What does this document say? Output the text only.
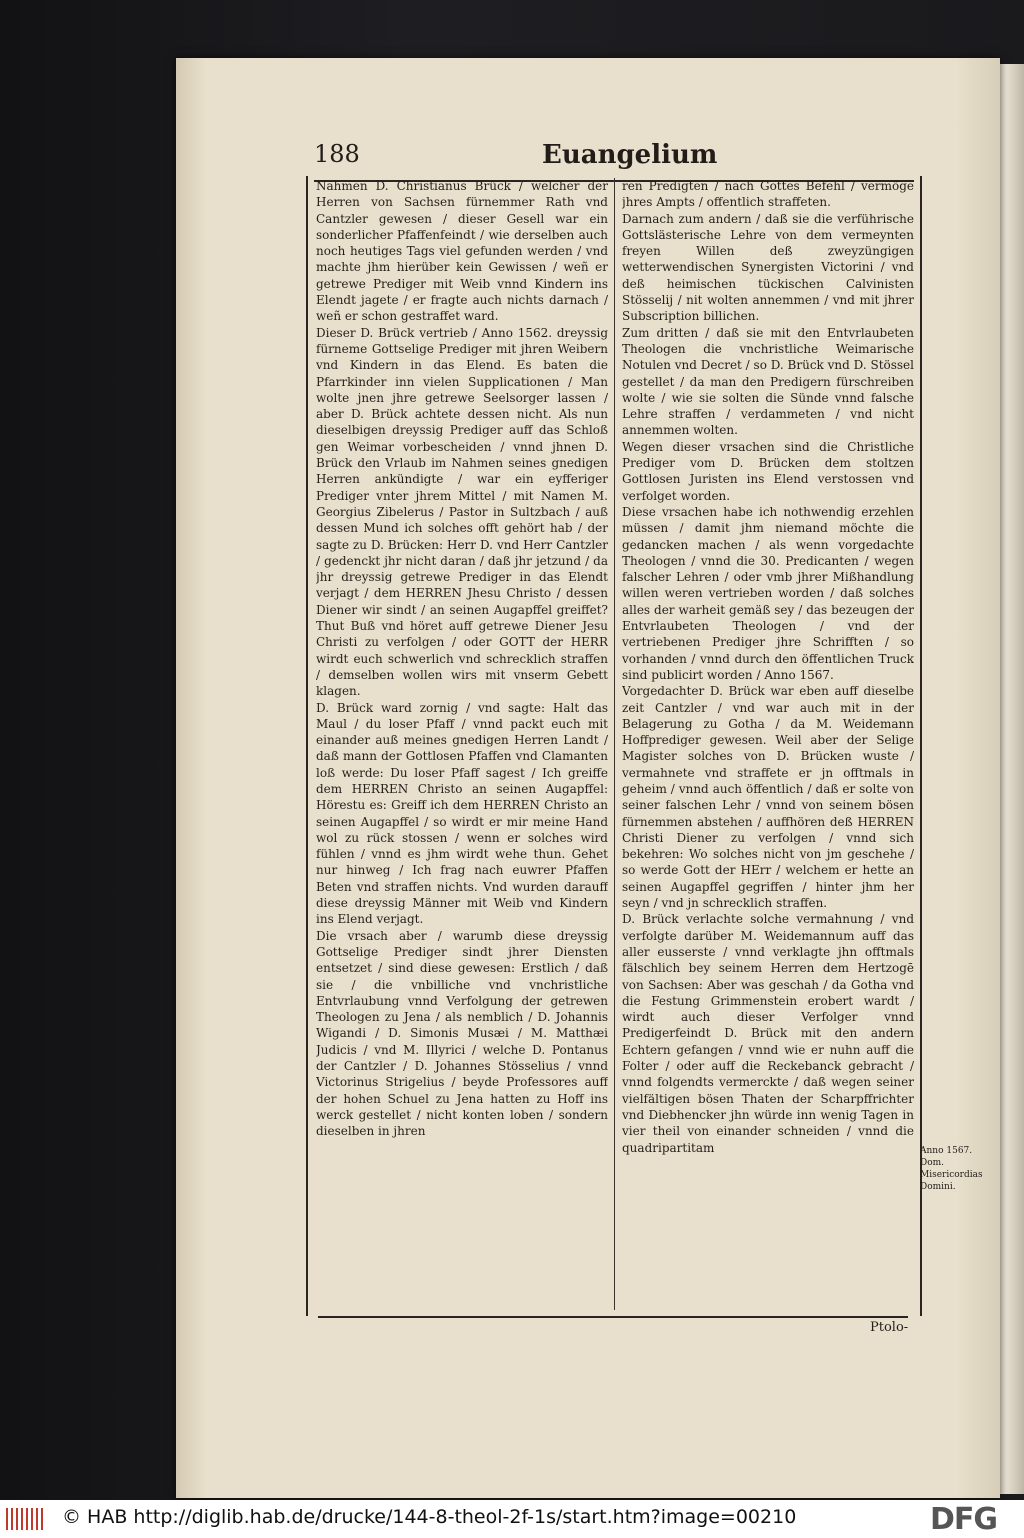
188	Euangelium

Nahmen D. Christianus Brück / welcher der Herren von Sachsen fürnemmer Rath vnd Cantzler gewesen / dieser Gesell war ein sonderlicher Pfaffenfeindt / wie derselben auch noch heutiges Tags viel gefunden werden / vnd machte jhm hierüber kein Gewissen / weñ er getrewe Prediger mit Weib vnnd Kindern ins Elendt jagete / er fragte auch nichts darnach / weñ er schon gestraffet ward.

Dieser D. Brück vertrieb / Anno 1562. dreyssig fürneme Gottselige Prediger mit jhren Weibern vnd Kindern in das Elend. Es baten die Pfarrkinder inn vielen Supplicationen / Man wolte jnen jhre getrewe Seelsorger lassen / aber D. Brück achtete dessen nicht. Als nun dieselbigen dreyssig Prediger auff das Schloß gen Weimar vorbescheiden / vnnd jhnen D. Brück den Vrlaub im Nahmen seines gnedigen Herren ankündigte / war ein eyfferiger Prediger vnter jhrem Mittel / mit Namen M. Georgius Zibelerus / Pastor in Sultzbach / auß dessen Mund ich solches offt gehört hab / der sagte zu D. Brücken: Herr D. vnd Herr Cantzler / gedenckt jhr nicht daran / daß jhr jetzund / da jhr dreyssig getrewe Prediger in das Elendt verjagt / dem HERREN Jhesu Christo / dessen Diener wir sindt / an seinen Augapffel greiffet? Thut Buß vnd höret auff getrewe Diener Jesu Christi zu verfolgen / oder GOTT der HERR wirdt euch schwerlich vnd schrecklich straffen / demselben wollen wirs mit vnserm Gebett klagen.

D. Brück ward zornig / vnd sagte: Halt das Maul / du loser Pfaff / vnnd packt euch mit einander auß meines gnedigen Herren Landt / daß mann der Gottlosen Pfaffen vnd Clamanten loß werde: Du loser Pfaff sagest / Ich greiffe dem HERREN Christo an seinen Augapffel: Hörestu es: Greiff ich dem HERREN Christo an seinen Augapffel / so wirdt er mir meine Hand wol zu rück stossen / wenn er solches wird fühlen / vnnd es jhm wirdt wehe thun. Gehet nur hinweg / Ich frag nach euwrer Pfaffen Beten vnd straffen nichts. Vnd wurden darauff diese dreyssig Männer mit Weib vnd Kindern ins Elend verjagt.

Die vrsach aber / warumb diese dreyssig Gottselige Prediger sindt jhrer Diensten entsetzet / sind diese gewesen: Erstlich / daß sie / die vnbilliche vnd vnchristliche Entvrlaubung vnnd Verfolgung der getrewen Theologen zu Jena / als nemblich / D. Johannis Wigandi / D. Simonis Musæi / M. Matthæi Judicis / vnd M. Illyrici / welche D. Pontanus der Cantzler / D. Johannes Stösselius / vnnd Victorinus Strigelius / beyde Professores auff der hohen Schuel zu Jena hatten zu Hoff ins werck gestellet / nicht konten loben / sondern dieselben in jhren

ren Predigten / nach Gottes Befehl / vermöge jhres Ampts / offentlich straffeten.

Darnach zum andern / daß sie die verführische Gottslästerische Lehre von dem vermeynten freyen Willen deß zweyzüngigen wetterwendischen Synergisten Victorini / vnd deß heimischen tückischen Calvinisten Stösselij / nit wolten annemmen / vnd mit jhrer Subscription billichen.

Zum dritten / daß sie mit den Entvrlaubeten Theologen die vnchristliche Weimarische Notulen vnd Decret / so D. Brück vnd D. Stössel gestellet / da man den Predigern fürschreiben wolte / wie sie solten die Sünde vnnd falsche Lehre straffen / verdammeten / vnd nicht annemmen wolten.

Wegen dieser vrsachen sind die Christliche Prediger vom D. Brücken dem stoltzen Gottlosen Juristen ins Elend verstossen vnd verfolget worden.

Diese vrsachen habe ich nothwendig erzehlen müssen / damit jhm niemand möchte die gedancken machen / als wenn vorgedachte Theologen / vnnd die 30. Predicanten / wegen falscher Lehren / oder vmb jhrer Mißhandlung willen weren vertrieben worden / daß solches alles der warheit gemäß sey / das bezeugen der Entvrlaubeten Theologen / vnd der vertriebenen Prediger jhre Schrifften / so vorhanden / vnnd durch den öffentlichen Truck sind publicirt worden / Anno 1567.

Vorgedachter D. Brück war eben auff dieselbe zeit Cantzler / vnd war auch mit in der Belagerung zu Gotha / da M. Weidemann Hoffprediger gewesen. Weil aber der Selige Magister solches von D. Brücken wuste / vermahnete vnd straffete er jn offtmals in geheim / vnnd auch öffentlich / daß er solte von seiner falschen Lehr / vnnd von seinem bösen fürnemmen abstehen / auffhören deß HERREN Christi Diener zu verfolgen / vnnd sich bekehren: Wo solches nicht von jm geschehe / so werde Gott der HErr / welchem er hette an seinen Augapffel gegriffen / hinter jhm her seyn / vnd jn schrecklich straffen.

D. Brück verlachte solche vermahnung / vnd verfolgte darüber M. Weidemannum auff das aller eusserste / vnnd verklagte jhn offtmals fälschlich bey seinem Herren dem Hertzogē von Sachsen: Aber was geschah / da Gotha vnd die Festung Grimmenstein erobert wardt / wirdt auch dieser Verfolger vnnd Predigerfeindt D. Brück mit den andern Echtern gefangen / vnnd wie er nuhn auff die Folter / oder auff die Reckebanck gebracht / vnnd folgendts vermerckte / daß wegen seiner vielfältigen bösen Thaten der Scharpffrichter vnd Diebhencker jhn würde inn wenig Tagen in vier theil von einander schneiden / vnnd die quadripartitam

Ptolo-
Anno 1567. Dom. Misericordias Domini.
© HAB http://diglib.hab.de/drucke/144-8-theol-2f-1s/start.htm?image=00210	DFG
